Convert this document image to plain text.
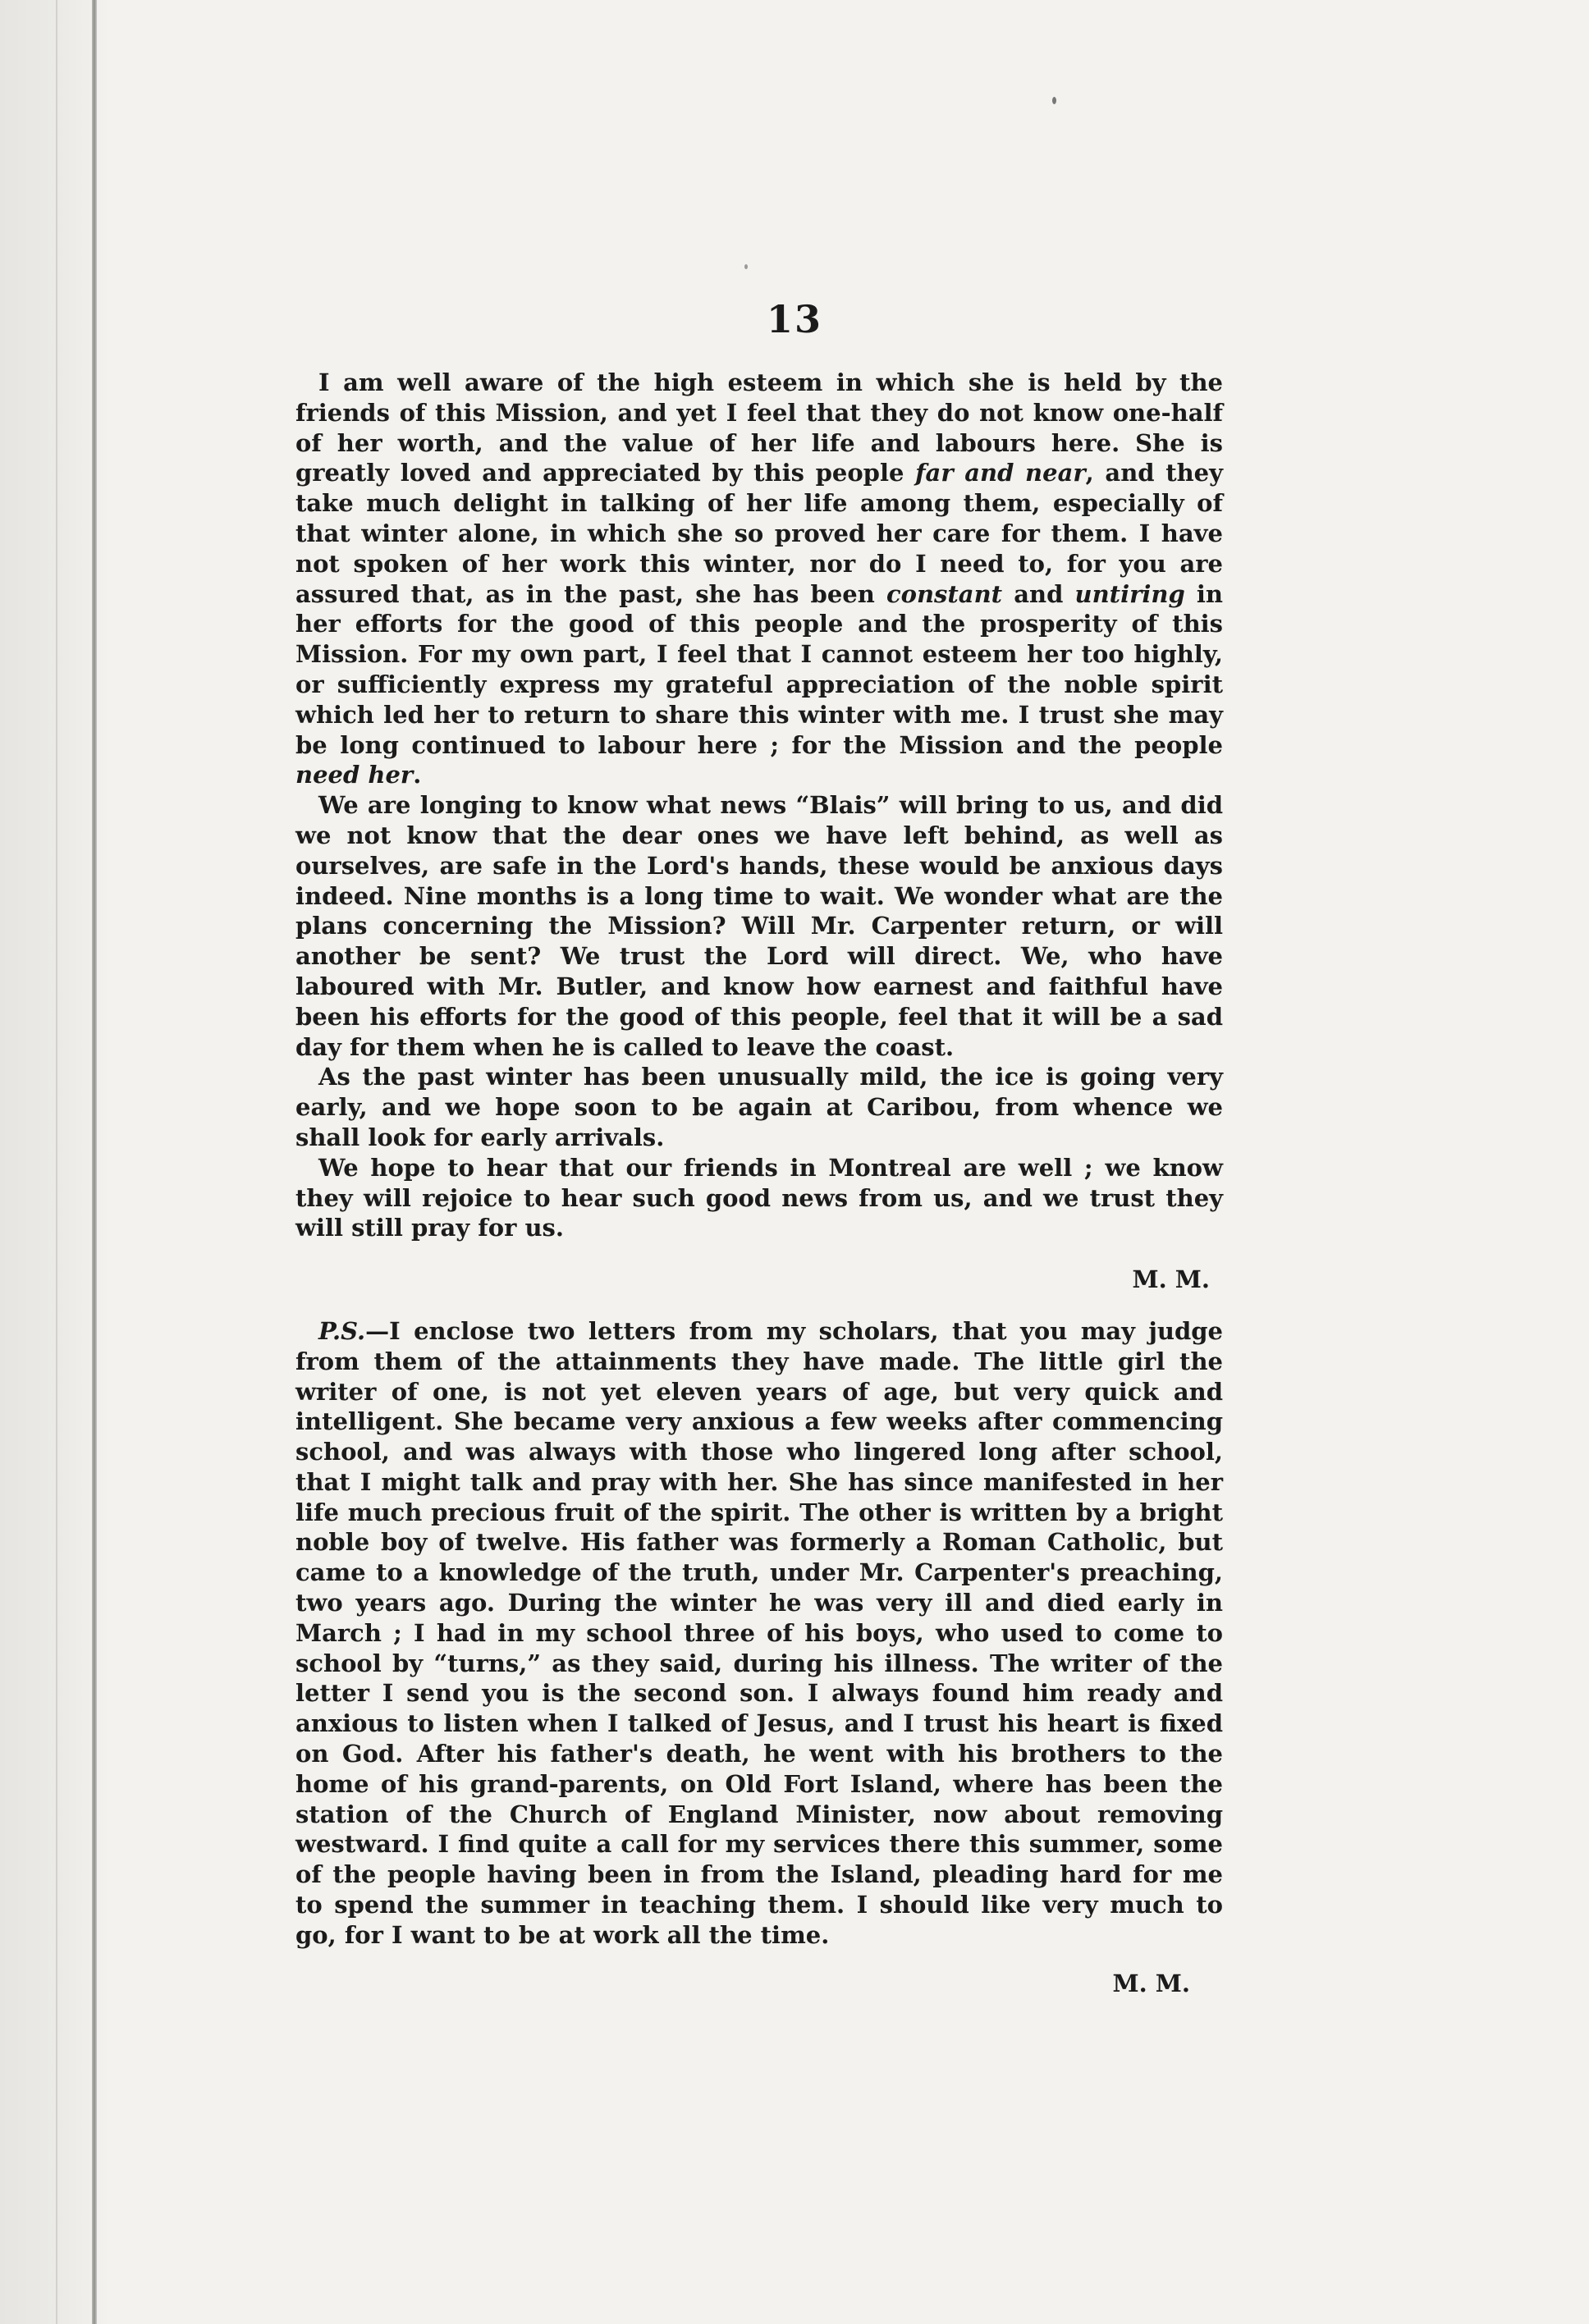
13

I am well aware of the high esteem in which she is held by the friends of this Mission, and yet I feel that they do not know one-half of her worth, and the value of her life and labours here. She is greatly loved and appreciated by this people far and near, and they take much delight in talking of her life among them, especially of that winter alone, in which she so proved her care for them. I have not spoken of her work this winter, nor do I need to, for you are assured that, as in the past, she has been constant and untiring in her efforts for the good of this people and the prosperity of this Mission. For my own part, I feel that I cannot esteem her too highly, or sufficiently express my grateful appreciation of the noble spirit which led her to return to share this winter with me. I trust she may be long continued to labour here ; for the Mission and the people need her.

We are longing to know what news “Blais” will bring to us, and did we not know that the dear ones we have left behind, as well as ourselves, are safe in the Lord's hands, these would be anxious days indeed. Nine months is a long time to wait. We wonder what are the plans concerning the Mission? Will Mr. Carpenter return, or will another be sent? We trust the Lord will direct. We, who have laboured with Mr. Butler, and know how earnest and faithful have been his efforts for the good of this people, feel that it will be a sad day for them when he is called to leave the coast.

As the past winter has been unusually mild, the ice is going very early, and we hope soon to be again at Caribou, from whence we shall look for early arrivals.

We hope to hear that our friends in Montreal are well ; we know they will rejoice to hear such good news from us, and we trust they will still pray for us.

M. M.

P.S.—I enclose two letters from my scholars, that you may judge from them of the attainments they have made. The little girl the writer of one, is not yet eleven years of age, but very quick and intelligent. She became very anxious a few weeks after commencing school, and was always with those who lingered long after school, that I might talk and pray with her. She has since manifested in her life much precious fruit of the spirit. The other is written by a bright noble boy of twelve. His father was formerly a Roman Catholic, but came to a knowledge of the truth, under Mr. Carpenter's preaching, two years ago. During the winter he was very ill and died early in March ; I had in my school three of his boys, who used to come to school by “turns,” as they said, during his illness. The writer of the letter I send you is the second son. I always found him ready and anxious to listen when I talked of Jesus, and I trust his heart is fixed on God. After his father's death, he went with his brothers to the home of his grand-parents, on Old Fort Island, where has been the station of the Church of England Minister, now about removing westward. I find quite a call for my services there this summer, some of the people having been in from the Island, pleading hard for me to spend the summer in teaching them. I should like very much to go, for I want to be at work all the time.

M. M.
